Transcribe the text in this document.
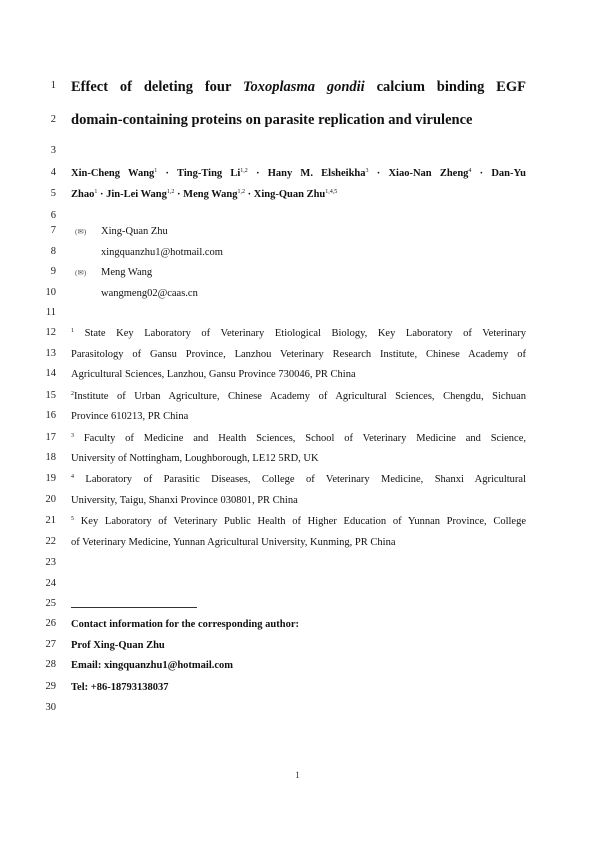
1
2
3
4
5
6
7
8
9
10
11
12
13
14
15
16
17
18
19
20
21
22
23
24
25
26
27
28
29
30
Effect of deleting four Toxoplasma gondii calcium binding EGF
domain-containing proteins on parasite replication and virulence
Xin-Cheng Wang$^1$ · Ting-Ting Li$^{1,2}$ · Hany M. Elsheikha$^3$ · Xiao-Nan Zheng$^4$ · Dan-Yu
Zhao$^1$ · Jin-Lei Wang$^{1,2}$ · Meng Wang$^{1,2}$ · Xing-Quan Zhu$^{1,4,5}$
(✉) Xing-Quan Zhu
xingquanzhu1@hotmail.com
(✉) Meng Wang
wangmeng02@caas.cn
$^1$ State Key Laboratory of Veterinary Etiological Biology, Key Laboratory of Veterinary
Parasitology of Gansu Province, Lanzhou Veterinary Research Institute, Chinese Academy of
Agricultural Sciences, Lanzhou, Gansu Province 730046, PR China
$^2$Institute of Urban Agriculture, Chinese Academy of Agricultural Sciences, Chengdu, Sichuan
Province 610213, PR China
$^3$ Faculty of Medicine and Health Sciences, School of Veterinary Medicine and Science,
University of Nottingham, Loughborough, LE12 5RD, UK
$^4$ Laboratory of Parasitic Diseases, College of Veterinary Medicine, Shanxi Agricultural
University, Taigu, Shanxi Province 030801, PR China
$^5$ Key Laboratory of Veterinary Public Health of Higher Education of Yunnan Province, College
of Veterinary Medicine, Yunnan Agricultural University, Kunming, PR China
Contact information for the corresponding author:
Prof Xing-Quan Zhu
Email: xingquanzhu1@hotmail.com
Tel: +86-18793138037
1
